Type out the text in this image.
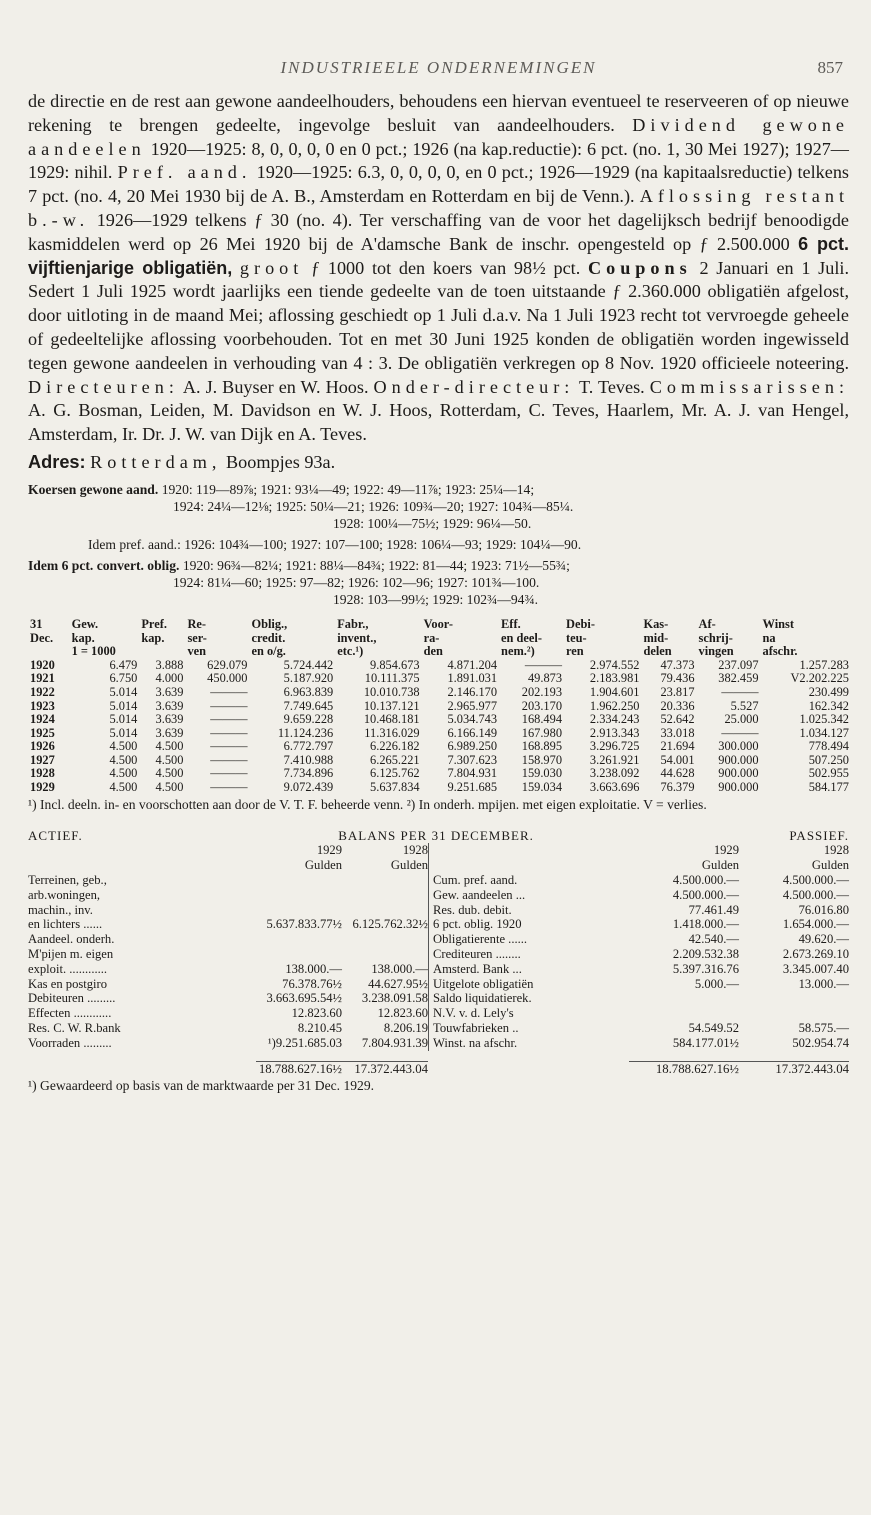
INDUSTRIEELE ONDERNEMINGEN	857

de directie en de rest aan gewone aandeelhouders, behoudens een hiervan eventueel te reserveeren of op nieuwe rekening te brengen gedeelte, ingevolge besluit van aandeelhouders. Dividend gewone aandeelen 1920—1925: 8, 0, 0, 0, 0 en 0 pct.; 1926 (na kap.reductie): 6 pct. (no. 1, 30 Mei 1927); 1927—1929: nihil. Pref. aand. 1920—1925: 6.3, 0, 0, 0, 0, en 0 pct.; 1926—1929 (na kapitaalsreductie) telkens 7 pct. (no. 4, 20 Mei 1930 bij de A. B., Amsterdam en Rotterdam en bij de Venn.). Aflossing restant b.-w. 1926—1929 telkens ƒ 30 (no. 4). Ter verschaffing van de voor het dagelijksch bedrijf benoodigde kasmiddelen werd op 26 Mei 1920 bij de A'damsche Bank de inschr. opengesteld op ƒ 2.500.000 6 pct. vijftienjarige obligatiën, groot ƒ 1000 tot den koers van 98½ pct. Coupons 2 Januari en 1 Juli. Sedert 1 Juli 1925 wordt jaarlijks een tiende gedeelte van de toen uitstaande ƒ 2.360.000 obligatiën afgelost, door uitloting in de maand Mei; aflossing geschiedt op 1 Juli d.a.v. Na 1 Juli 1923 recht tot vervroegde geheele of gedeeltelijke aflossing voorbehouden. Tot en met 30 Juni 1925 konden de obligatiën worden ingewisseld tegen gewone aandeelen in verhouding van 4 : 3. De obligatiën verkregen op 8 Nov. 1920 officieele noteering. Directeuren: A. J. Buyser en W. Hoos. Onder-directeur: T. Teves. Commissarissen: A. G. Bosman, Leiden, M. Davidson en W. J. Hoos, Rotterdam, C. Teves, Haarlem, Mr. A. J. van Hengel, Amsterdam, Ir. Dr. J. W. van Dijk en A. Teves.

Adres: Rotterdam, Boompjes 93a.

Koersen gewone aand. 1920: 119—89⅞; 1921: 93¼—49; 1922: 49—11⅞; 1923: 25¼—14;
1924: 24¼—12⅛; 1925: 50¼—21; 1926: 109¾—20; 1927: 104¾—85¼.
1928: 100¼—75½; 1929: 96¼—50.
Idem pref. aand.: 1926: 104¾—100; 1927: 107—100; 1928: 106¼—93; 1929: 104¼—90.
Idem 6 pct. convert. oblig. 1920: 96¾—82¼; 1921: 88¼—84¾; 1922: 81—44; 1923: 71½—55¾;
1924: 81¼—60; 1925: 97—82; 1926: 102—96; 1927: 101¾—100.
1928: 103—99½; 1929: 102¾—94¾.
31	Gew.	Pref.	Re-	Oblig.,	Fabr.,	Voor-	Eff.	Debi-	Kas-	Af-	Winst
Dec.	kap.	kap.	ser-	credit.	invent.,	ra-	en deel-	teu-	mid-	schrij-	na
	1 = 1000		ven	en o/g.	etc.¹)	den	nem.²)	ren	delen	vingen	afschr.
1920	6.479	3.888	629.079	5.724.442	9.854.673	4.871.204	———	2.974.552	47.373	237.097	1.257.283
1921	6.750	4.000	450.000	5.187.920	10.111.375	1.891.031	49.873	2.183.981	79.436	382.459	V2.202.225
1922	5.014	3.639	———	6.963.839	10.010.738	2.146.170	202.193	1.904.601	23.817	———	230.499
1923	5.014	3.639	———	7.749.645	10.137.121	2.965.977	203.170	1.962.250	20.336	5.527	162.342
1924	5.014	3.639	———	9.659.228	10.468.181	5.034.743	168.494	2.334.243	52.642	25.000	1.025.342
1925	5.014	3.639	———	11.124.236	11.316.029	6.166.149	167.980	2.913.343	33.018	———	1.034.127
1926	4.500	4.500	———	6.772.797	6.226.182	6.989.250	168.895	3.296.725	21.694	300.000	778.494
1927	4.500	4.500	———	7.410.988	6.265.221	7.307.623	158.970	3.261.921	54.001	900.000	507.250
1928	4.500	4.500	———	7.734.896	6.125.762	7.804.931	159.030	3.238.092	44.628	900.000	502.955
1929	4.500	4.500	———	9.072.439	5.637.834	9.251.685	159.034	3.663.696	76.379	900.000	584.177

¹) Incl. deeln. in- en voorschotten aan door de V. T. F. beheerde venn. ²) In onderh. mpijen. met eigen exploitatie. V = verlies.

ACTIEF.	BALANS PER 31 DECEMBER.	PASSIEF.
1929	1928
Gulden	Gulden
Terreinen, geb.,
arb.woningen,
machin., inv.
en lichters ......	5.637.833.77½ 6.125.762.32½
Aandeel. onderh.
M'pijen m. eigen
exploit. ............	138.000.—	138.000.—
Kas en postgiro	76.378.76½	44.627.95½
Debiteuren .........	3.663.695.54½	3.238.091.58
Effecten ............	12.823.60	12.823.60
Res. C. W. R.bank	8.210.45	8.206.19
Voorraden .........	¹)9.251.685.03	7.804.931.39
1929	1928
Gulden	Gulden
Cum. pref. aand.	4.500.000.—	4.500.000.—
Gew. aandeelen ...	4.500.000.—	4.500.000.—
Res. dub. debit.	77.461.49	76.016.80
6 pct. oblig. 1920	1.418.000.—	1.654.000.—
Obligatierente ......	42.540.—	49.620.—
Crediteuren ........	2.209.532.38	2.673.269.10
Amsterd. Bank ...	5.397.316.76	3.345.007.40
Uitgelote obligatiën	5.000.—	13.000.—
Saldo liquidatierek.
N.V. v. d. Lely's
Touwfabrieken ..	54.549.52	58.575.—
Winst. na afschr.	584.177.01½	502.954.74
18.788.627.16½ 17.372.443.04	18.788.627.16½	17.372.443.04

¹) Gewaardeerd op basis van de marktwaarde per 31 Dec. 1929.
